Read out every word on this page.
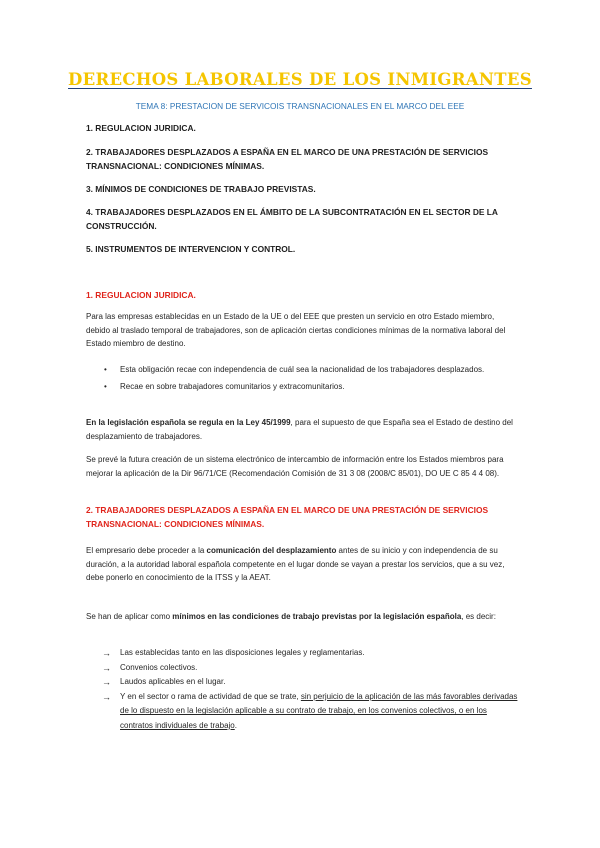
DERECHOS LABORALES DE LOS INMIGRANTES
TEMA 8: PRESTACION DE SERVICOIS TRANSNACIONALES EN EL MARCO DEL EEE

1. REGULACION JURIDICA.

2. TRABAJADORES DESPLAZADOS A ESPAÑA EN EL MARCO DE UNA PRESTACIÓN DE SERVICIOS TRANSNACIONAL: CONDICIONES MÍNIMAS.

3. MÍNIMOS DE CONDICIONES DE TRABAJO PREVISTAS.

4. TRABAJADORES DESPLAZADOS EN EL ÁMBITO DE LA SUBCONTRATACIÓN EN EL SECTOR DE LA CONSTRUCCIÓN.

5. INSTRUMENTOS DE INTERVENCION Y CONTROL.

1. REGULACION JURIDICA.

Para las empresas establecidas en un Estado de la UE o del EEE que presten un servicio en otro Estado miembro, debido al traslado temporal de trabajadores, son de aplicación ciertas condiciones mínimas de la normativa laboral del Estado miembro de destino.

• Esta obligación recae con independencia de cuál sea la nacionalidad de los trabajadores desplazados.
• Recae en sobre trabajadores comunitarios y extracomunitarios.

En la legislación española se regula en la Ley 45/1999, para el supuesto de que España sea el Estado de destino del desplazamiento de trabajadores.

Se prevé la futura creación de un sistema electrónico de intercambio de información entre los Estados miembros para mejorar la aplicación de la Dir 96/71/CE (Recomendación Comisión de 31 3 08 (2008/C 85/01), DO UE C 85 4 4 08).

2. TRABAJADORES DESPLAZADOS A ESPAÑA EN EL MARCO DE UNA PRESTACIÓN DE SERVICIOS TRANSNACIONAL: CONDICIONES MÍNIMAS.

El empresario debe proceder a la comunicación del desplazamiento antes de su inicio y con independencia de su duración, a la autoridad laboral española competente en el lugar donde se vayan a prestar los servicios, que a su vez, debe ponerlo en conocimiento de la ITSS y la AEAT.

Se han de aplicar como mínimos en las condiciones de trabajo previstas por la legislación española, es decir:

→ Las establecidas tanto en las disposiciones legales y reglamentarias.
→ Convenios colectivos.
→ Laudos aplicables en el lugar.
→ Y en el sector o rama de actividad de que se trate, sin perjuicio de la aplicación de las más favorables derivadas de lo dispuesto en la legislación aplicable a su contrato de trabajo, en los convenios colectivos, o en los contratos individuales de trabajo.
